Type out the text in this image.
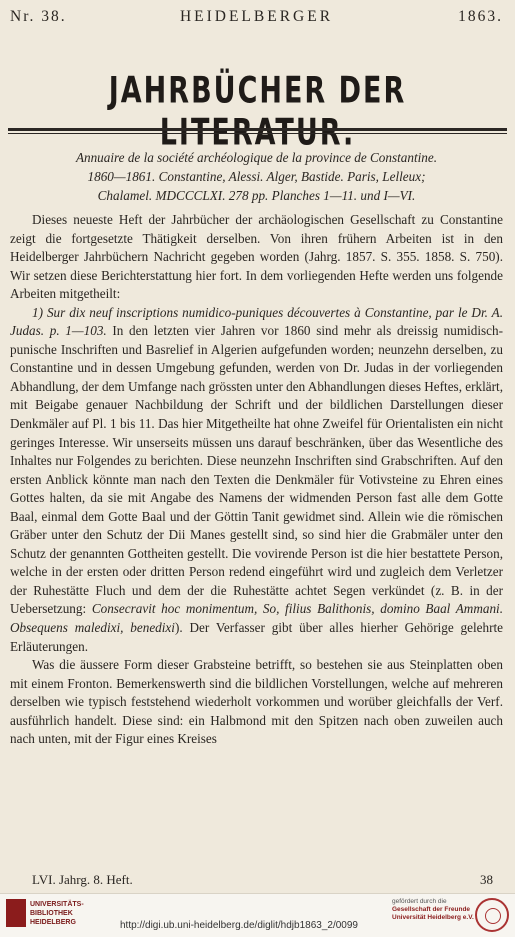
Nr. 38.	HEIDELBERGER	1863.
JAHRBÜCHER DER LITERATUR.
Annuaire de la société archéologique de la province de Constantine.
1860—1861. Constantine, Alessi. Alger, Bastide. Paris, Lelleux;
Chalamel. MDCCCLXI. 278 pp. Planches 1—11. und I—VI.

Dieses neueste Heft der Jahrbücher der archäologischen Gesellschaft zu Constantine zeigt die fortgesetzte Thätigkeit derselben. Von ihren frühern Arbeiten ist in den Heidelberger Jahrbüchern Nachricht gegeben worden (Jahrg. 1857. S. 355. 1858. S. 750). Wir setzen diese Berichterstattung hier fort. In dem vorliegenden Hefte werden uns folgende Arbeiten mitgetheilt:

1) Sur dix neuf inscriptions numidico-puniques découvertes à Constantine, par le Dr. A. Judas. p. 1—103. In den letzten vier Jahren vor 1860 sind mehr als dreissig numidisch-punische Inschriften und Basrelief in Algerien aufgefunden worden; neunzehn derselben, zu Constantine und in dessen Umgebung gefunden, werden von Dr. Judas in der vorliegenden Abhandlung, der dem Umfange nach grössten unter den Abhandlungen dieses Heftes, erklärt, mit Beigabe genauer Nachbildung der Schrift und der bildlichen Darstellungen dieser Denkmäler auf Pl. 1 bis 11. Das hier Mitgetheilte hat ohne Zweifel für Orientalisten ein nicht geringes Interesse. Wir unserseits müssen uns darauf beschränken, über das Wesentliche des Inhaltes nur Folgendes zu berichten. Diese neunzehn Inschriften sind Grabschriften. Auf den ersten Anblick könnte man nach den Texten die Denkmäler für Votivsteine zu Ehren eines Gottes halten, da sie mit Angabe des Namens der widmenden Person fast alle dem Gotte Baal, einmal dem Gotte Baal und der Göttin Tanit gewidmet sind. Allein wie die römischen Gräber unter den Schutz der Dii Manes gestellt sind, so sind hier die Grabmäler unter den Schutz der genannten Gottheiten gestellt. Die vovirende Person ist die hier bestattete Person, welche in der ersten oder dritten Person redend eingeführt wird und zugleich dem Verletzer der Ruhestätte Fluch und dem der die Ruhestätte achtet Segen verkündet (z. B. in der Uebersetzung: Consecravit hoc monimentum, So, filius Balithonis, domino Baal Ammani. Obsequens maledixi, benedixi). Der Verfasser gibt über alles hierher Gehörige gelehrte Erläuterungen.

Was die äussere Form dieser Grabsteine betrifft, so bestehen sie aus Steinplatten oben mit einem Fronton. Bemerkenswerth sind die bildlichen Vorstellungen, welche auf mehreren derselben wie typisch feststehend wiederholt vorkommen und worüber gleichfalls der Verf. ausführlich handelt. Diese sind: ein Halbmond mit den Spitzen nach oben zuweilen auch nach unten, mit der Figur eines Kreises

LVI. Jahrg. 8. Heft.	38
UNIVERSITÄTS-
BIBLIOTHEK
HEIDELBERG	http://digi.ub.uni-heidelberg.de/diglit/hdjb1863_2/0099
gefördert durch die
Gesellschaft der Freunde
Universität Heidelberg e.V.
